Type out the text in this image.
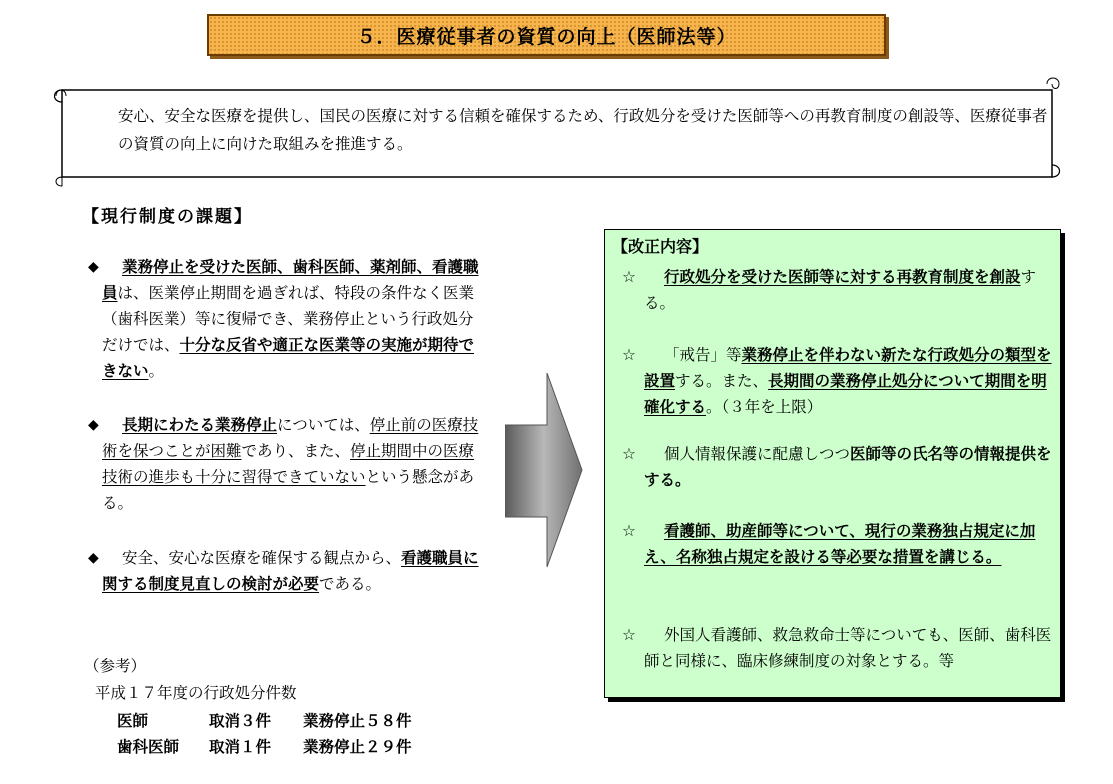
５．医療従事者の資質の向上（医師法等）
安心、安全な医療を提供し、国民の医療に対する信頼を確保するため、行政処分を受けた医師等への再教育制度の創設等、医療従事者の資質の向上に向けた取組みを推進する。
【現行制度の課題】
◆	業務停止を受けた医師、歯科医師、薬剤師、看護職員は、医業停止期間を過ぎれば、特段の条件なく医業（歯科医業）等に復帰でき、業務停止という行政処分だけでは、十分な反省や適正な医業等の実施が期待できない。
◆	長期にわたる業務停止については、停止前の医療技術を保つことが困難であり、また、停止期間中の医療技術の進歩も十分に習得できていないという懸念がある。
◆	安全、安心な医療を確保する観点から、看護職員に関する制度見直しの検討が必要である。
（参考）
平成１７年度の行政処分件数
医師	取消３件 業務停止５８件
歯科医師 取消１件 業務停止２９件
【改正内容】
☆	行政処分を受けた医師等に対する再教育制度を創設する。
☆	「戒告」等業務停止を伴わない新たな行政処分の類型を設置する。また、長期間の業務停止処分について期間を明確化する。（３年を上限）
☆	個人情報保護に配慮しつつ医師等の氏名等の情報提供をする。
☆	看護師、助産師等について、現行の業務独占規定に加え、名称独占規定を設ける等必要な措置を講じる。
☆	外国人看護師、救急救命士等についても、医師、歯科医師と同様に、臨床修練制度の対象とする。等
